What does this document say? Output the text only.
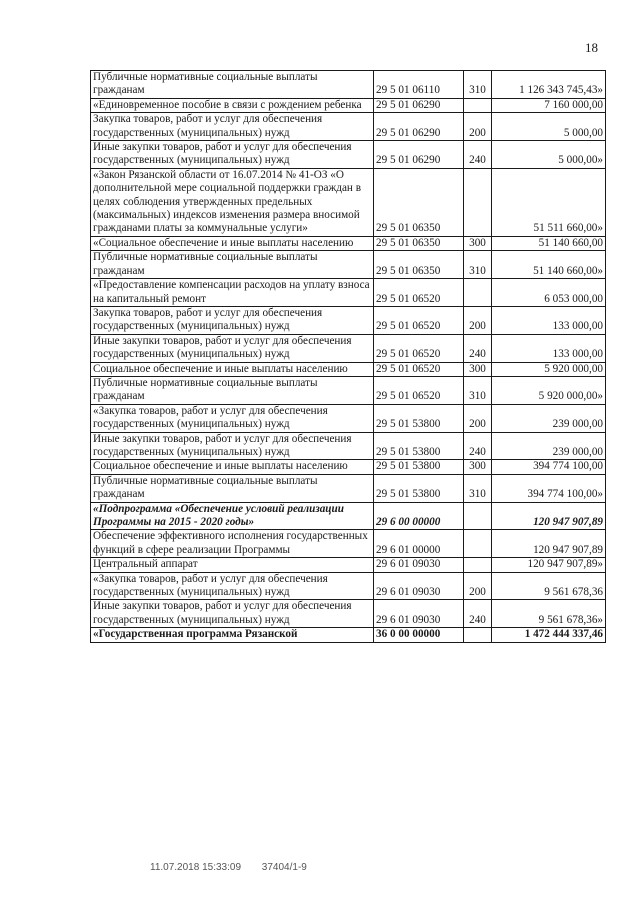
18
Публичные нормативные социальные выплаты гражданам	29 5 01 06110	310	1 126 343 745,43»
«Единовременное пособие в связи с рождением ребенка	29 5 01 06290		7 160 000,00
Закупка товаров, работ и услуг для обеспечения государственных (муниципальных) нужд	29 5 01 06290	200	5 000,00
Иные закупки товаров, работ и услуг для обеспечения государственных (муниципальных) нужд	29 5 01 06290	240	5 000,00»
«Закон Рязанской области от 16.07.2014 № 41-ОЗ «О дополнительной мере социальной поддержки граждан в целях соблюдения утвержденных предельных (максимальных) индексов изменения размера вносимой гражданами платы за коммунальные услуги»	29 5 01 06350		51 511 660,00»
«Социальное обеспечение и иные выплаты населению	29 5 01 06350	300	51 140 660,00
Публичные нормативные социальные выплаты гражданам	29 5 01 06350	310	51 140 660,00»
«Предоставление компенсации расходов на уплату взноса на капитальный ремонт	29 5 01 06520		6 053 000,00
Закупка товаров, работ и услуг для обеспечения государственных (муниципальных) нужд	29 5 01 06520	200	133 000,00
Иные закупки товаров, работ и услуг для обеспечения государственных (муниципальных) нужд	29 5 01 06520	240	133 000,00
Социальное обеспечение и иные выплаты населению	29 5 01 06520	300	5 920 000,00
Публичные нормативные социальные выплаты гражданам	29 5 01 06520	310	5 920 000,00»
«Закупка товаров, работ и услуг для обеспечения государственных (муниципальных) нужд	29 5 01 53800	200	239 000,00
Иные закупки товаров, работ и услуг для обеспечения государственных (муниципальных) нужд	29 5 01 53800	240	239 000,00
Социальное обеспечение и иные выплаты населению	29 5 01 53800	300	394 774 100,00
Публичные нормативные социальные выплаты гражданам	29 5 01 53800	310	394 774 100,00»
«Подпрограмма «Обеспечение условий реализации Программы на 2015 - 2020 годы»	29 6 00 00000		120 947 907,89
Обеспечение эффективного исполнения государственных функций в сфере реализации Программы	29 6 01 00000		120 947 907,89
Центральный аппарат	29 6 01 09030		120 947 907,89»
«Закупка товаров, работ и услуг для обеспечения государственных (муниципальных) нужд	29 6 01 09030	200	9 561 678,36
Иные закупки товаров, работ и услуг для обеспечения государственных (муниципальных) нужд	29 6 01 09030	240	9 561 678,36»
«Государственная программа Рязанской	36 0 00 00000		1 472 444 337,46
11.07.2018 15:33:09 37404/1-9
